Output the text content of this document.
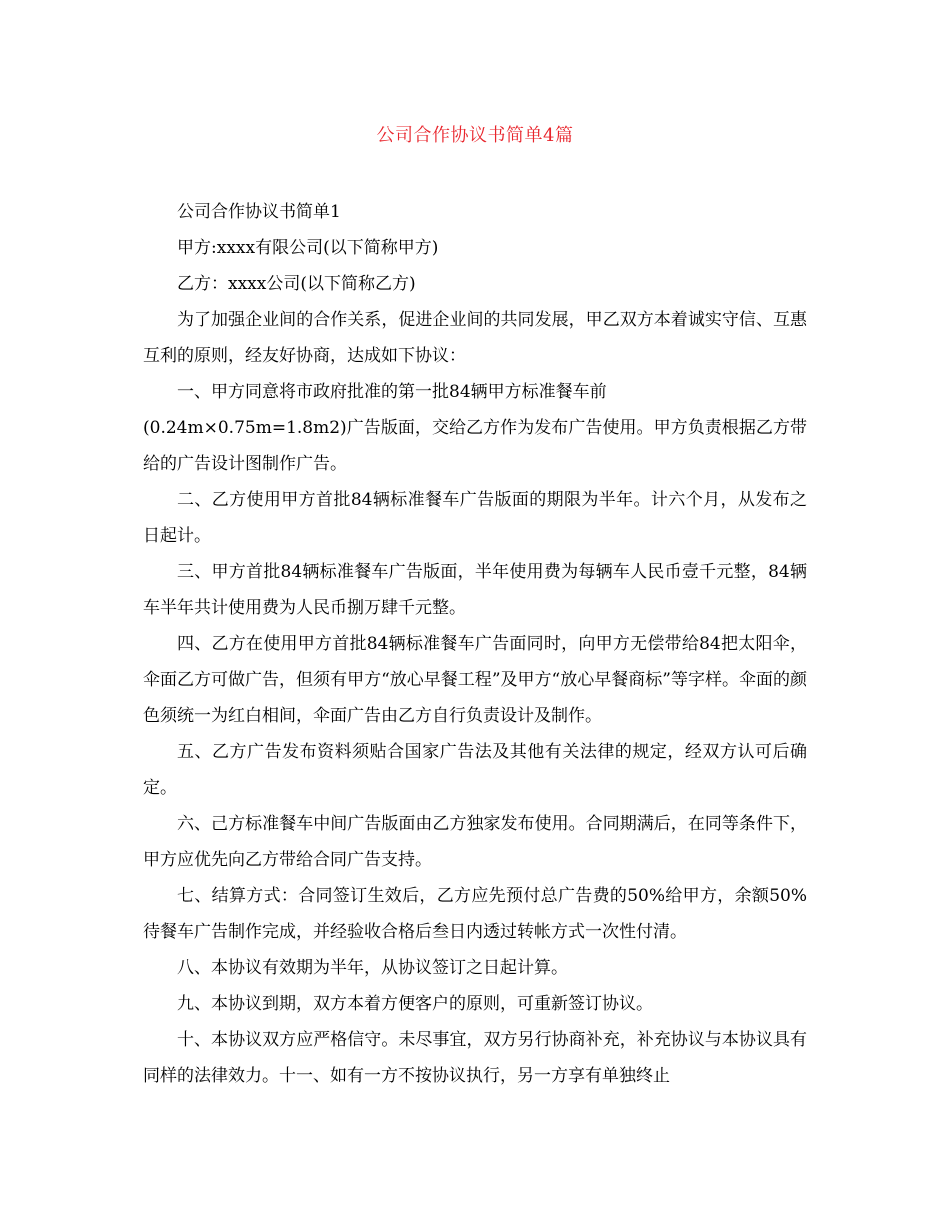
公司合作协议书简单4篇

公司合作协议书简单1

甲方:xxxx有限公司(以下简称甲方)

乙方：xxxx公司(以下简称乙方)

为了加强企业间的合作关系，促进企业间的共同发展，甲乙双方本着诚实守信、互惠互利的原则，经友好协商，达成如下协议：

一、甲方同意将市政府批准的第一批84辆甲方标准餐车前

(0.24m×0.75m=1.8m2)广告版面，交给乙方作为发布广告使用。甲方负责根据乙方带给的广告设计图制作广告。

二、乙方使用甲方首批84辆标准餐车广告版面的期限为半年。计六个月，从发布之日起计。

三、甲方首批84辆标准餐车广告版面，半年使用费为每辆车人民币壹千元整，84辆车半年共计使用费为人民币捌万肆千元整。

四、乙方在使用甲方首批84辆标准餐车广告面同时，向甲方无偿带给84把太阳伞，伞面乙方可做广告，但须有甲方“放心早餐工程”及甲方“放心早餐商标”等字样。伞面的颜色须统一为红白相间，伞面广告由乙方自行负责设计及制作。

五、乙方广告发布资料须贴合国家广告法及其他有关法律的规定，经双方认可后确定。

六、己方标准餐车中间广告版面由乙方独家发布使用。合同期满后，在同等条件下，甲方应优先向乙方带给合同广告支持。

七、结算方式：合同签订生效后，乙方应先预付总广告费的50%给甲方，余额50%待餐车广告制作完成，并经验收合格后叁日内透过转帐方式一次性付清。

八、本协议有效期为半年，从协议签订之日起计算。

九、本协议到期，双方本着方便客户的原则，可重新签订协议。

十、本协议双方应严格信守。未尽事宜，双方另行协商补充，补充协议与本协议具有同样的法律效力。十一、如有一方不按协议执行，另一方享有单独终止
